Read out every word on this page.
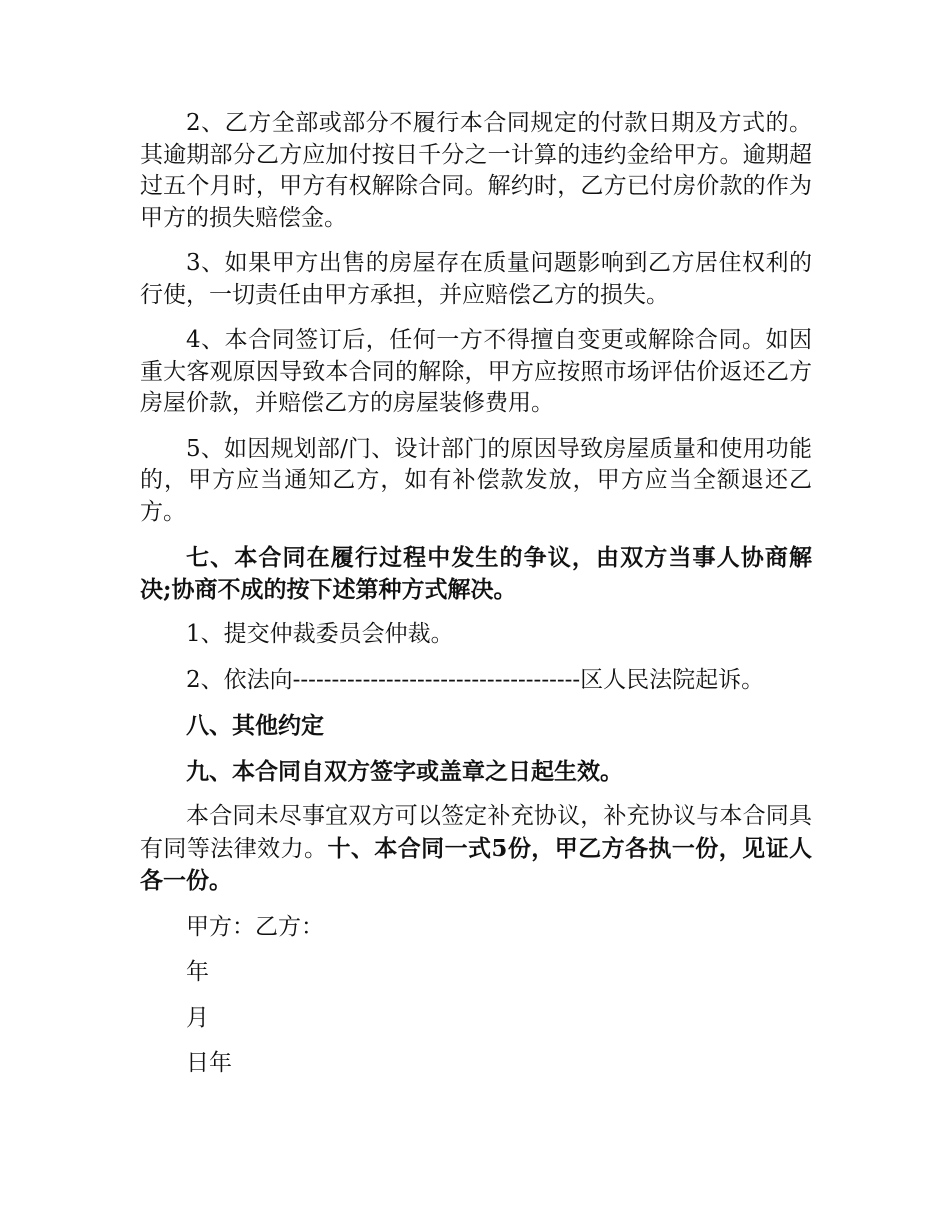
2、乙方全部或部分不履行本合同规定的付款日期及方式的。其逾期部分乙方应加付按日千分之一计算的违约金给甲方。逾期超过五个月时，甲方有权解除合同。解约时，乙方已付房价款的作为甲方的损失赔偿金。

3、如果甲方出售的房屋存在质量问题影响到乙方居住权利的行使，一切责任由甲方承担，并应赔偿乙方的损失。

4、本合同签订后，任何一方不得擅自变更或解除合同。如因重大客观原因导致本合同的解除，甲方应按照市场评估价返还乙方房屋价款，并赔偿乙方的房屋装修费用。

5、如因规划部/门、设计部门的原因导致房屋质量和使用功能的，甲方应当通知乙方，如有补偿款发放，甲方应当全额退还乙方。

七、本合同在履行过程中发生的争议，由双方当事人协商解决;协商不成的按下述第种方式解决。

1、提交仲裁委员会仲裁。

2、依法向-------------------------------------区人民法院起诉。

八、其他约定

九、本合同自双方签字或盖章之日起生效。

本合同未尽事宜双方可以签定补充协议，补充协议与本合同具有同等法律效力。十、本合同一式5份，甲乙方各执一份，见证人各一份。

甲方：乙方：

年

月

日年
